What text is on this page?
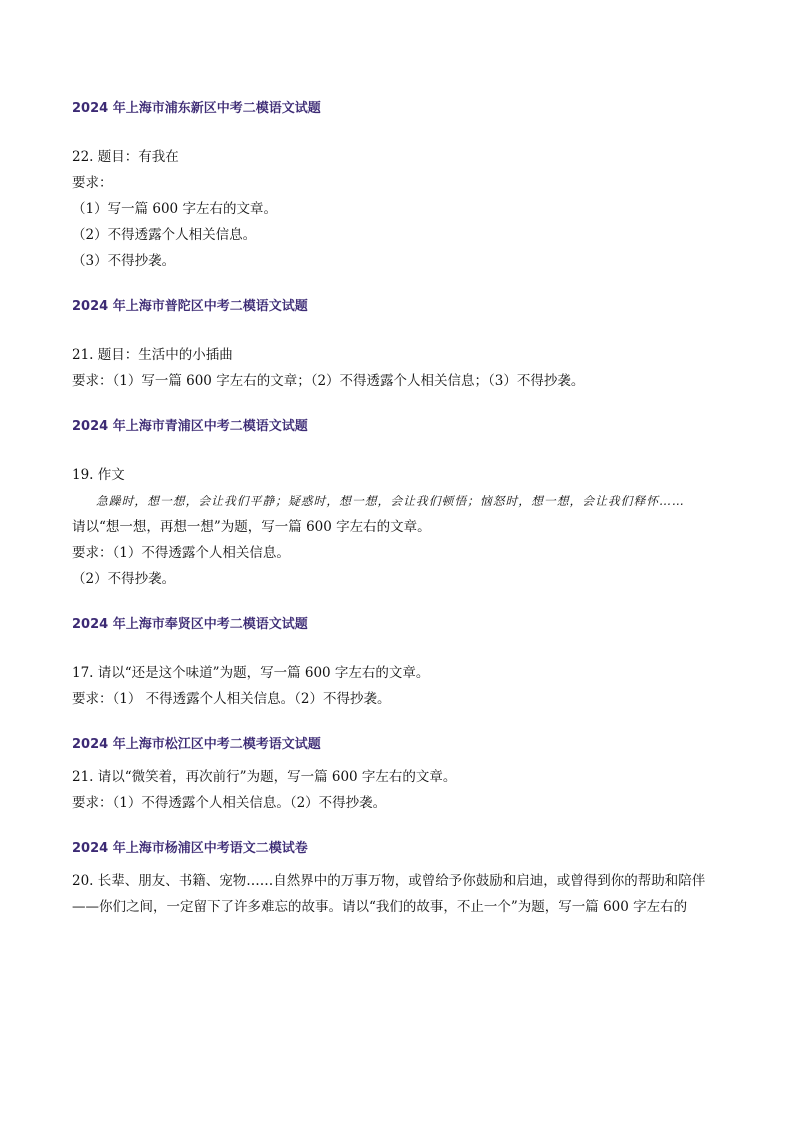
2024 年上海市浦东新区中考二模语文试题

22. 题目：有我在

要求：

（1）写一篇 600 字左右的文章。

（2）不得透露个人相关信息。

（3）不得抄袭。

2024 年上海市普陀区中考二模语文试题

21. 题目：生活中的小插曲

要求：（1）写一篇 600 字左右的文章；（2）不得透露个人相关信息；（3）不得抄袭。

2024 年上海市青浦区中考二模语文试题

19. 作文

急躁时，想一想，会让我们平静；疑惑时，想一想，会让我们顿悟；恼怒时，想一想，会让我们释怀……

请以“想一想，再想一想”为题，写一篇 600 字左右的文章。

要求：（1）不得透露个人相关信息。

（2）不得抄袭。

2024 年上海市奉贤区中考二模语文试题

17. 请以“还是这个味道”为题，写一篇 600 字左右的文章。

要求：（1） 不得透露个人相关信息。（2）不得抄袭。

2024 年上海市松江区中考二模考语文试题

21. 请以“微笑着，再次前行”为题，写一篇 600 字左右的文章。

要求：（1）不得透露个人相关信息。（2）不得抄袭。

2024 年上海市杨浦区中考语文二模试卷

20. 长辈、朋友、书籍、宠物……自然界中的万事万物，或曾给予你鼓励和启迪，或曾得到你的帮助和陪伴

——你们之间，一定留下了许多难忘的故事。请以“我们的故事，不止一个”为题，写一篇 600 字左右的
